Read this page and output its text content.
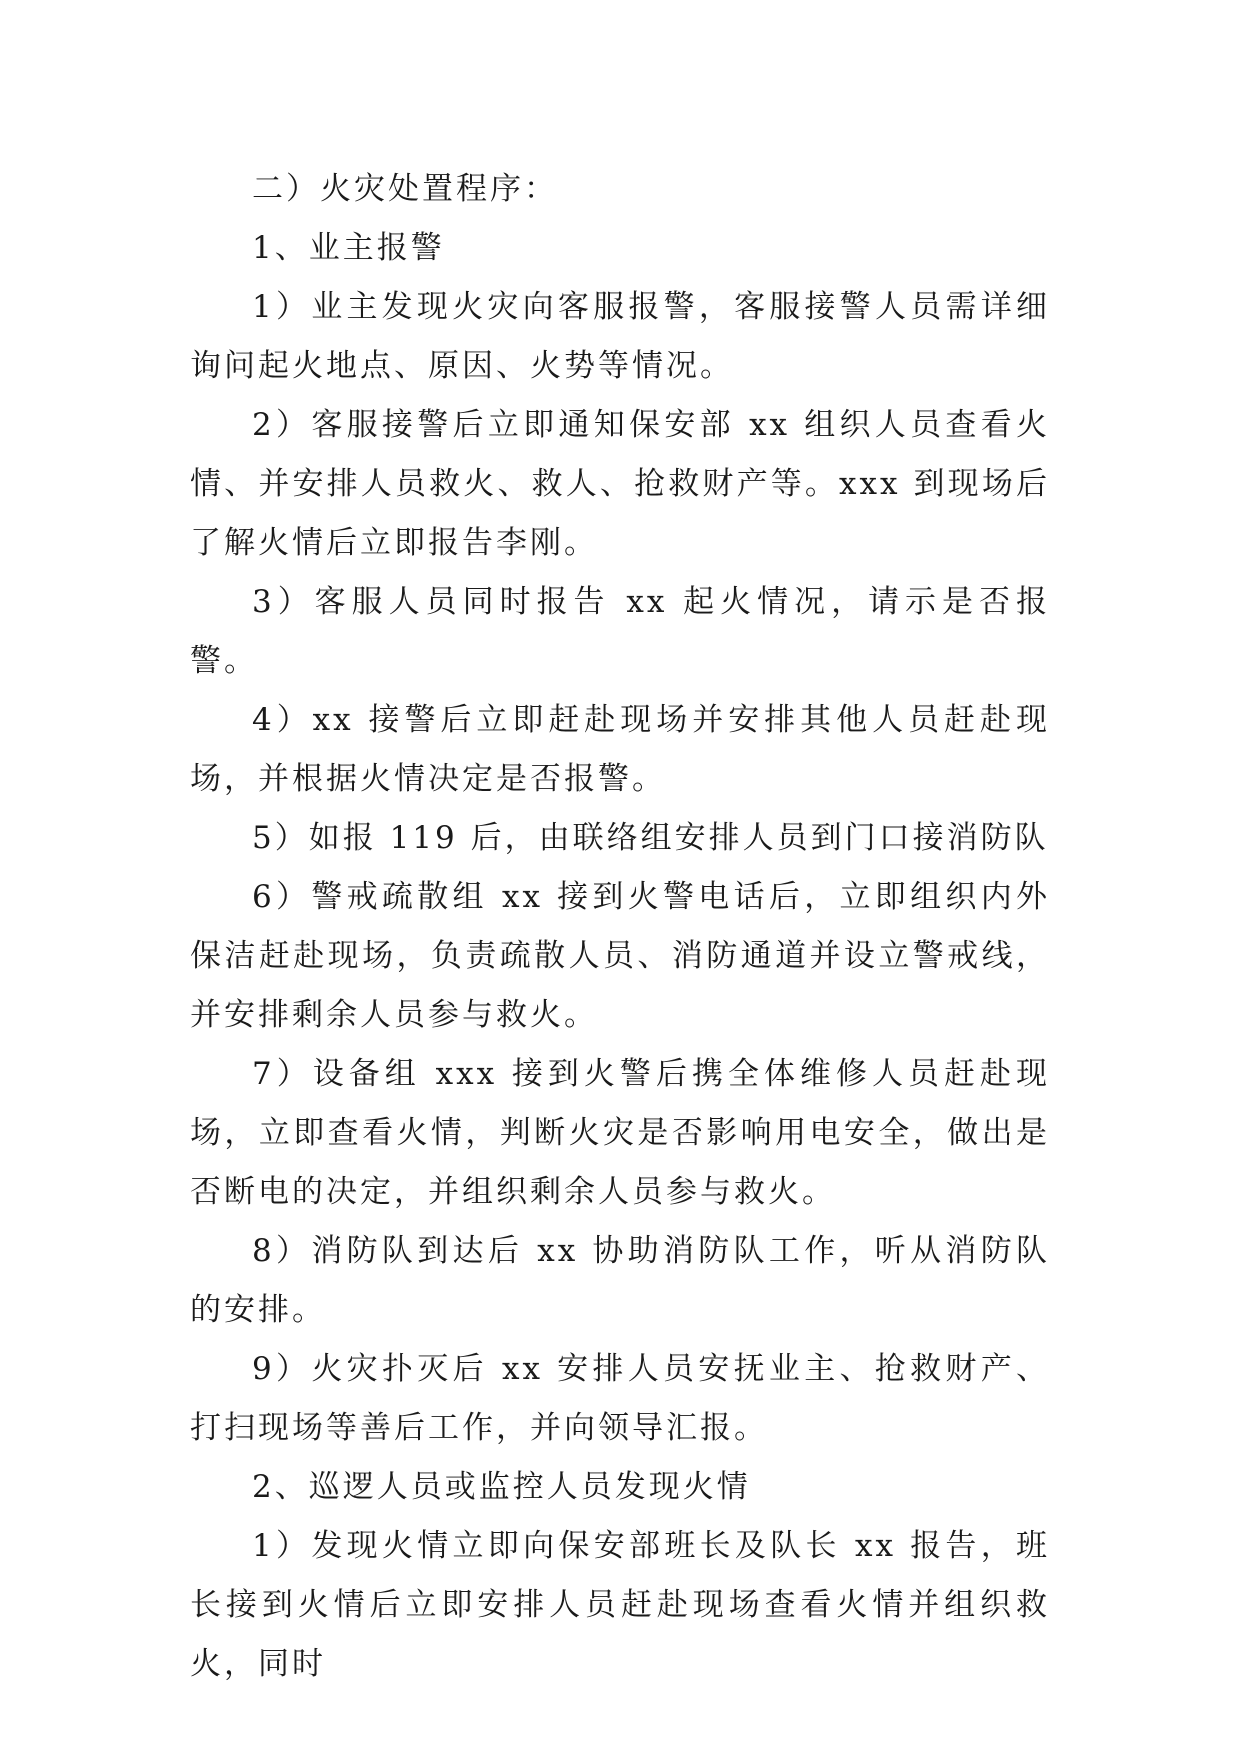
二）火灾处置程序：

1、业主报警

1）业主发现火灾向客服报警，客服接警人员需详细询问起火地点、原因、火势等情况。

2）客服接警后立即通知保安部 xx 组织人员查看火情、并安排人员救火、救人、抢救财产等。xxx 到现场后了解火情后立即报告李刚。

3）客服人员同时报告 xx 起火情况，请示是否报警。

4）xx 接警后立即赶赴现场并安排其他人员赶赴现场，并根据火情决定是否报警。

5）如报 119 后，由联络组安排人员到门口接消防队

6）警戒疏散组 xx 接到火警电话后，立即组织内外保洁赶赴现场，负责疏散人员、消防通道并设立警戒线，并安排剩余人员参与救火。

7）设备组 xxx 接到火警后携全体维修人员赶赴现场，立即查看火情，判断火灾是否影响用电安全，做出是否断电的决定，并组织剩余人员参与救火。

8）消防队到达后 xx 协助消防队工作，听从消防队的安排。

9）火灾扑灭后 xx 安排人员安抚业主、抢救财产、打扫现场等善后工作，并向领导汇报。

2、巡逻人员或监控人员发现火情

1）发现火情立即向保安部班长及队长 xx 报告，班长接到火情后立即安排人员赶赴现场查看火情并组织救火，同时
